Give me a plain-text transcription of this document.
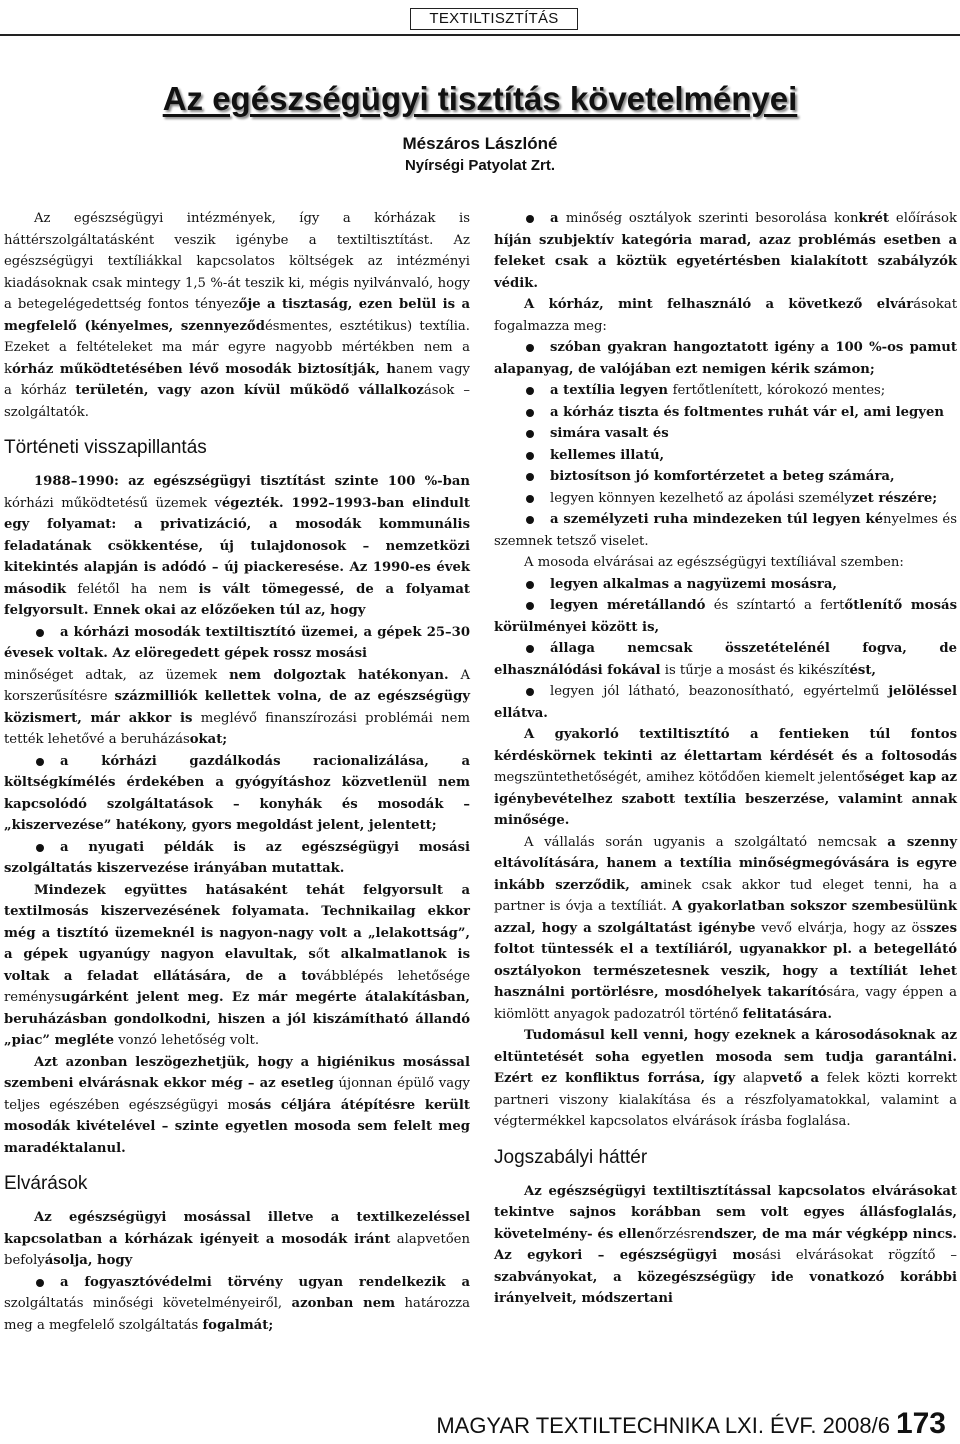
TEXTILTISZTÍTÁS
Az egészségügyi tisztítás követelményei
Mészáros Lászlóné
Nyírségi Patyolat Zrt.

Az egészségügyi intézmények, így a kórházak is háttérszolgáltatásként veszik igénybe a textiltisztítást. Az egészségügyi textíliákkal kapcsolatos költségek az intézményi kiadásoknak csak mintegy 1,5 %-át teszik ki, mégis nyilvánvaló, hogy a betegelégedettség fontos tényezője a tisztaság, ezen belül is a megfelelő (kényelmes, szennyeződésmentes, esztétikus) textília. Ezeket a feltételeket ma már egyre nagyobb mértékben nem a kórház működtetésében lévő mosodák biztosítják, hanem vagy a kórház területén, vagy azon kívül működő vállalkozások – szolgáltatók.

Történeti visszapillantás

1988–1990: az egészségügyi tisztítást szinte 100 %-ban kórházi működtetésű üzemek végezték. 1992–1993-ban elindult egy folyamat: a privatizáció, a mosodák kommunális feladatának csökkentése, új tulajdonosok – nemzetközi kitekintés alapján is adódó – új piackeresése. Az 1990-es évek második felétől ha nem is vált tömegessé, de a folyamat felgyorsult. Ennek okai az előzőeken túl az, hogy

a kórházi mosodák textiltisztító üzemei, a gépek 25–30 évesek voltak. Az elöregedett gépek rossz mosási

minőséget adtak, az üzemek nem dolgoztak hatékonyan. A korszerűsítésre százmilliók kellettek volna, de az egészségügy közismert, már akkor is meglévő finanszírozási problémái nem tették lehetővé a beruházásokat;

a kórházi gazdálkodás racionalizálása, a költségkímélés érdekében a gyógyításhoz közvetlenül nem kapcsolódó szolgáltatások – konyhák és mosodák – „kiszervezése” hatékony, gyors megoldást jelent, jelentett;
a nyugati példák is az egészségügyi mosási szolgáltatás kiszervezése irányában mutattak.

Mindezek együttes hatásaként tehát felgyorsult a textilmosás kiszervezésének folyamata. Technikailag ekkor még a tisztító üzemeknél is nagyon-nagy volt a „lelakottság”, a gépek ugyanúgy nagyon elavultak, sőt alkalmatlanok is voltak a feladat ellátására, de a továbblépés lehetősége reménysugárként jelent meg. Ez már megérte átalakításban, beruházásban gondolkodni, hiszen a jól kiszámítható állandó „piac” megléte vonzó lehetőség volt.

Azt azonban leszögezhetjük, hogy a higiénikus mosással szembeni elvárásnak ekkor még – az esetleg újonnan épülő vagy teljes egészében egészségügyi mosás céljára átépítésre került mosodák kivételével – szinte egyetlen mosoda sem felelt meg maradéktalanul.

Elvárások

Az egészségügyi mosással illetve a textilkezeléssel kapcsolatban a kórházak igényeit a mosodák iránt alapvetően befolyásolja, hogy

a fogyasztóvédelmi törvény ugyan rendelkezik a szolgáltatás minőségi követelményeiről, azonban nem határozza meg a megfelelő szolgáltatás fogalmát;
a minőség osztályok szerinti besorolása konkrét előírások híján szubjektív kategória marad, azaz problémás esetben a feleket csak a köztük egyetértésben kialakított szabályzók védik.

A kórház, mint felhasználó a következő elvárásokat fogalmazza meg:

szóban gyakran hangoztatott igény a 100 %-os pamut alapanyag, de valójában ezt nemigen kérik számon;
a textília legyen fertőtlenített, kórokozó mentes;
a kórház tiszta és foltmentes ruhát vár el, ami legyen
simára vasalt és
kellemes illatú,
biztosítson jó komfortérzetet a beteg számára,
legyen könnyen kezelhető az ápolási személyzet részére;
a személyzeti ruha mindezeken túl legyen kényelmes és szemnek tetsző viselet.

A mosoda elvárásai az egészségügyi textíliával szemben:

legyen alkalmas a nagyüzemi mosásra,
legyen méretállandó és színtartó a fertőtlenítő mosás körülményei között is,
állaga nemcsak összetételénél fogva, de elhasználódási fokával is tűrje a mosást és kikészítést,
legyen jól látható, beazonosítható, egyértelmű jelöléssel ellátva.

A gyakorló textiltisztító a fentieken túl fontos kérdéskörnek tekinti az élettartam kérdését és a foltosodás megszüntethetőségét, amihez kötődően kiemelt jelentőséget kap az igénybevételhez szabott textília beszerzése, valamint annak minősége.

A vállalás során ugyanis a szolgáltató nemcsak a szenny eltávolítására, hanem a textília minőségmegóvására is egyre inkább szerződik, aminek csak akkor tud eleget tenni, ha a partner is óvja a textíliát. A gyakorlatban sokszor szembesülünk azzal, hogy a szolgáltatást igénybe vevő elvárja, hogy az összes foltot tüntessék el a textíliáról, ugyanakkor pl. a betegellátó osztályokon természetesnek veszik, hogy a textíliát lehet használni portörlésre, mosdóhelyek takarítósára, vagy éppen a kiömlött anyagok padozatról történő felitatására.

Tudomásul kell venni, hogy ezeknek a károsodásoknak az eltüntetését soha egyetlen mosoda sem tudja garantálni. Ezért ez konfliktus forrása, így alapvető a felek közti korrekt partneri viszony kialakítása és a részfolyamatokkal, valamint a végtermékkel kapcsolatos elvárások írásba foglalása.

Jogszabályi háttér

Az egészségügyi textiltisztítással kapcsolatos elvárásokat tekintve sajnos korábban sem volt egyes állásfoglalás, követelmény- és ellenőrzésrendszer, de ma már végképp nincs. Az egykori – egészségügyi mosási elvárásokat rögzítő – szabványokat, a közegészségügy ide vonatkozó korábbi irányelveit, módszertani

MAGYAR TEXTILTECHNIKA LXI. ÉVF. 2008/6 173
